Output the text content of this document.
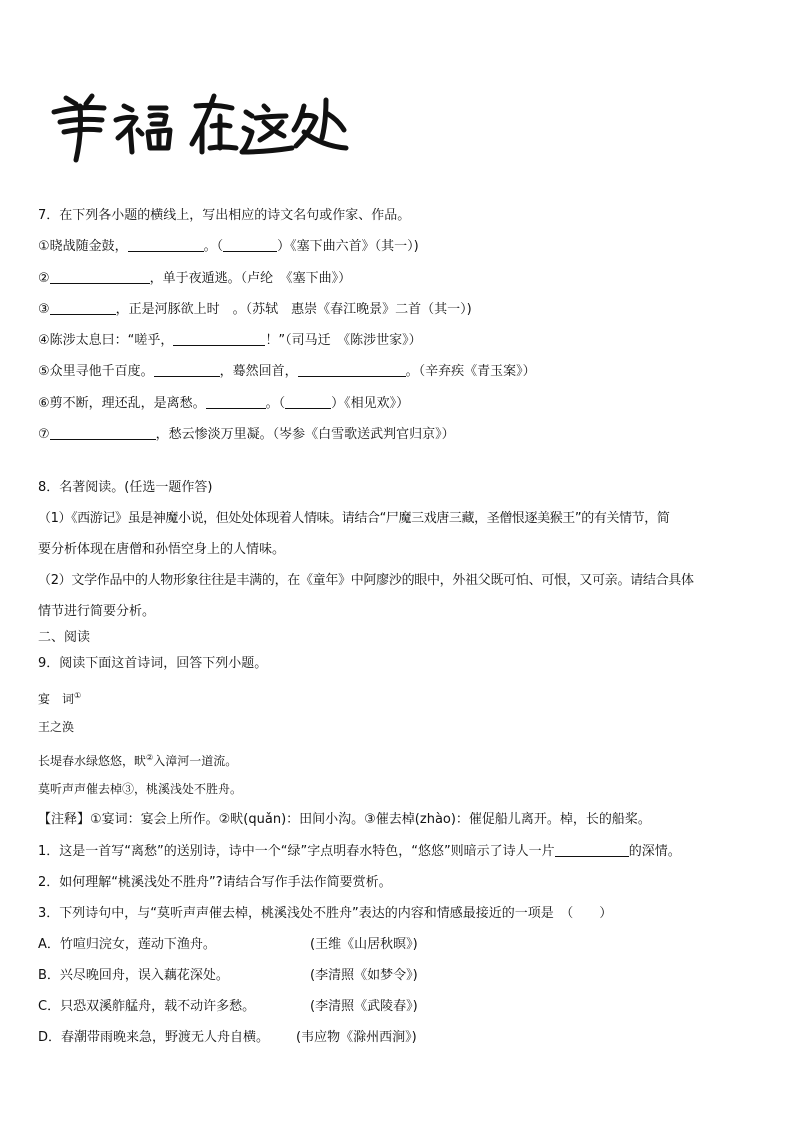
7．在下列各小题的横线上，写出相应的诗文名句或作家、作品。
①晓战随金鼓，	。（	）《塞下曲六首》（其一）)
②	，单于夜遁逃。（卢纶　《塞下曲》）
③	，正是河豚欲上时　。（苏轼　惠崇《春江晚景》二首（其一）)
④陈涉太息曰：“嗟乎，	！”（司马迁　《陈涉世家》）
⑤众里寻他千百度。	，蓦然回首，	。（辛弃疾《青玉案》）
⑥剪不断，理还乱，是离愁。	。（	）《相见欢》）
⑦	，愁云惨淡万里凝。（岑参《白雪歌送武判官归京》）
8．名著阅读。(任选一题作答)
（1）《西游记》虽是神魔小说，但处处体现着人情味。请结合“尸魔三戏唐三藏，圣僧恨逐美猴王”的有关情节，简
要分析体现在唐僧和孙悟空身上的人情味。
（2）文学作品中的人物形象往往是丰满的，在《童年》中阿廖沙的眼中，外祖父既可怕、可恨，又可亲。请结合具体
情节进行简要分析。
二、阅读
9．阅读下面这首诗词，回答下列小题。
宴　词①
王之涣
长堤春水绿悠悠，畎②入漳河一道流。
莫听声声催去棹③，桃溪浅处不胜舟。
【注释】①宴词：宴会上所作。②畎(quǎn)：田间小沟。③催去棹(zhào)：催促船儿离开。棹，长的船桨。
1．这是一首写“离愁”的送别诗，诗中一个“绿”字点明春水特色，“悠悠”则暗示了诗人一片	的深情。
2．如何理解“桃溪浅处不胜舟”?请结合写作手法作简要赏析。
3．下列诗句中，与“莫听声声催去棹，桃溪浅处不胜舟”表达的内容和情感最接近的一项是　（　　）
A．竹喧归浣女，莲动下渔舟。	(王维《山居秋暝》)
B．兴尽晚回舟，误入藕花深处。	(李清照《如梦令》)
C．只恐双溪舴艋舟，载不动许多愁。	(李清照《武陵春》)
D．春潮带雨晚来急，野渡无人舟自横。 (韦应物《滁州西涧》)
